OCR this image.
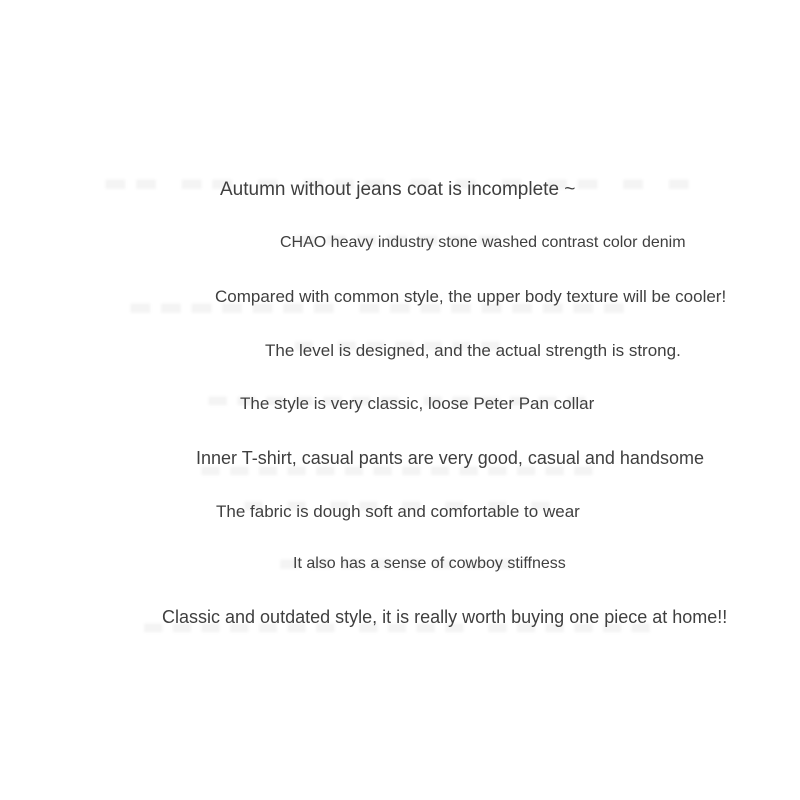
Autumn without jeans coat is incomplete ~
CHAO heavy industry stone washed contrast color denim
Compared with common style, the upper body texture will be cooler!
The level is designed, and the actual strength is strong.
The style is very classic, loose Peter Pan collar
Inner T-shirt, casual pants are very good, casual and handsome
The fabric is dough soft and comfortable to wear
It also has a sense of cowboy stiffness
Classic and outdated style, it is really worth buying one piece at home!!
